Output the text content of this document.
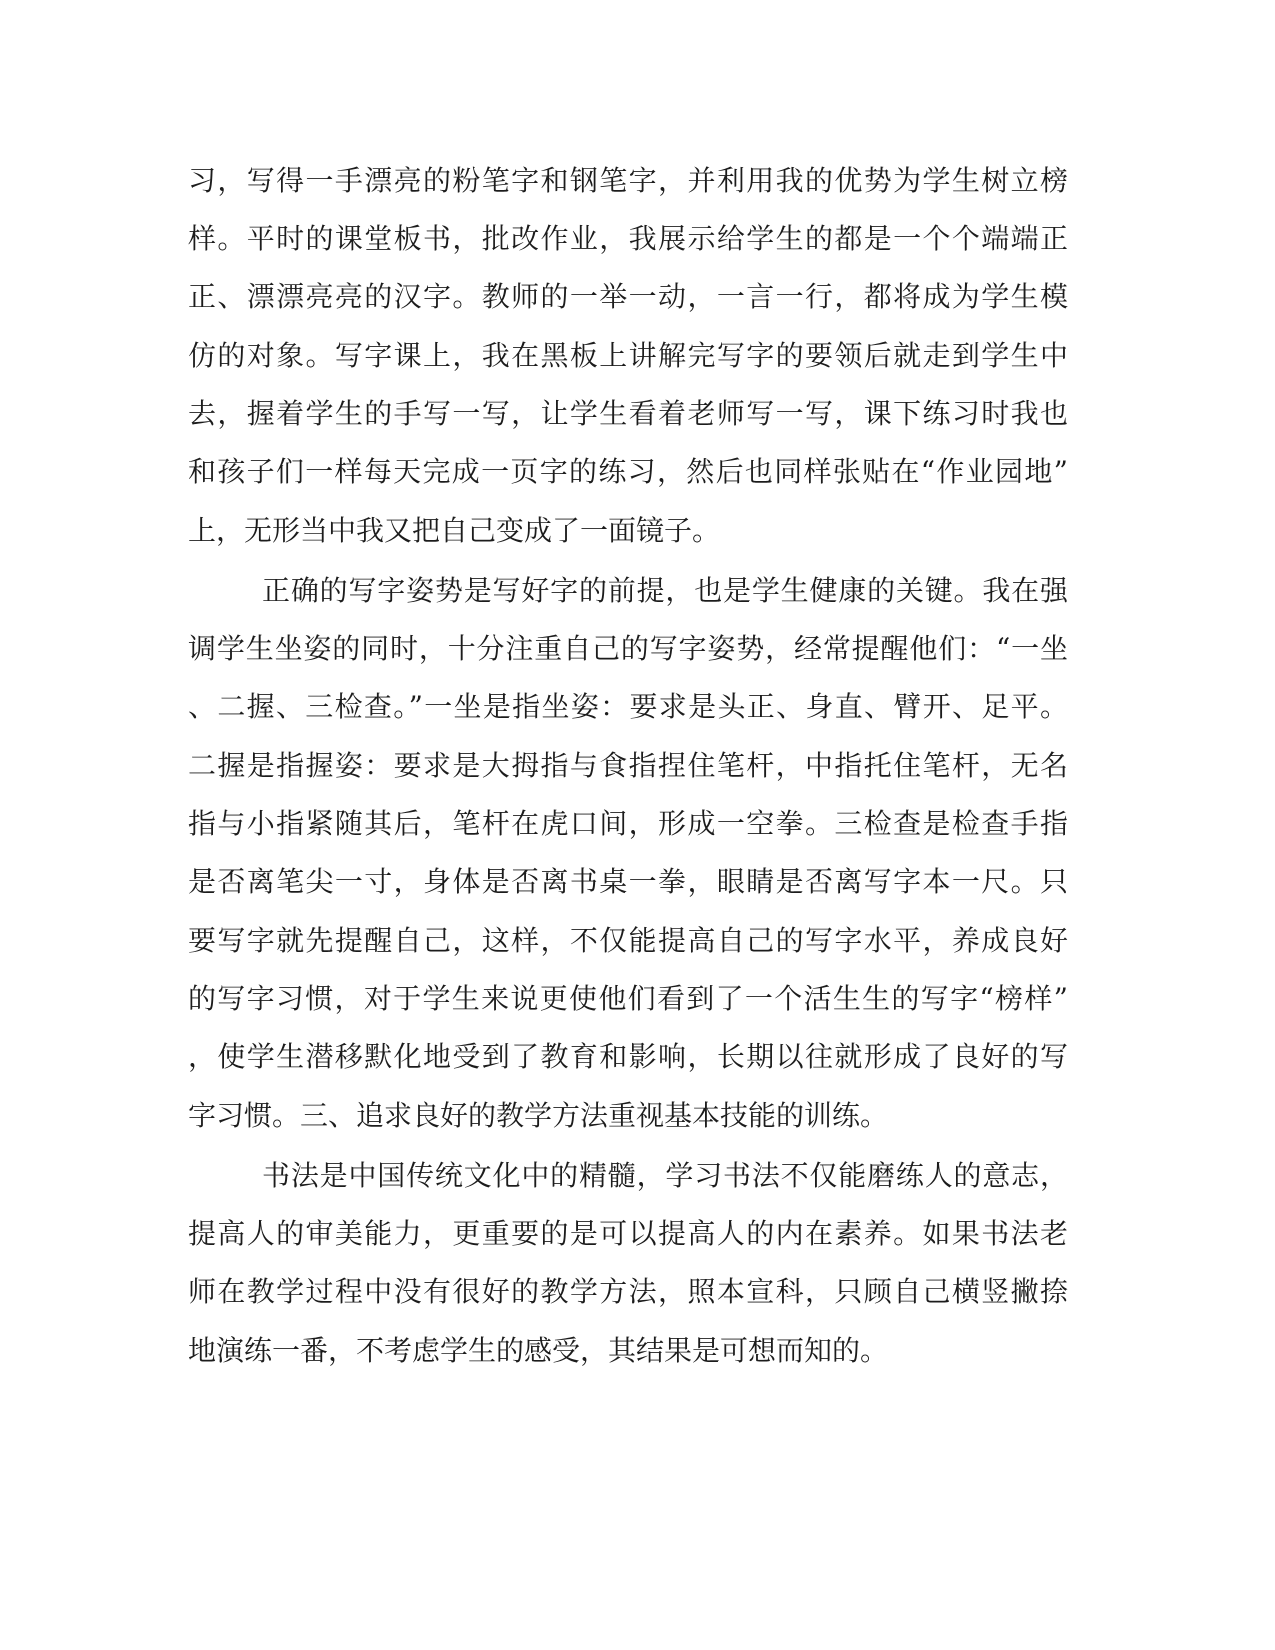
习，写得一手漂亮的粉笔字和钢笔字，并利用我的优势为学生树立榜
样。平时的课堂板书，批改作业，我展示给学生的都是一个个端端正
正、漂漂亮亮的汉字。教师的一举一动，一言一行，都将成为学生模
仿的对象。写字课上，我在黑板上讲解完写字的要领后就走到学生中
去，握着学生的手写一写，让学生看着老师写一写，课下练习时我也
和孩子们一样每天完成一页字的练习，然后也同样张贴在“作业园地”
上，无形当中我又把自己变成了一面镜子。
正确的写字姿势是写好字的前提，也是学生健康的关键。我在强
调学生坐姿的同时，十分注重自己的写字姿势，经常提醒他们：“一坐
、二握、三检查。”一坐是指坐姿：要求是头正、身直、臂开、足平。
二握是指握姿：要求是大拇指与食指捏住笔杆，中指托住笔杆，无名
指与小指紧随其后，笔杆在虎口间，形成一空拳。三检查是检查手指
是否离笔尖一寸，身体是否离书桌一拳，眼睛是否离写字本一尺。只
要写字就先提醒自己，这样，不仅能提高自己的写字水平，养成良好
的写字习惯，对于学生来说更使他们看到了一个活生生的写字“榜样”
，使学生潜移默化地受到了教育和影响，长期以往就形成了良好的写
字习惯。三、追求良好的教学方法重视基本技能的训练。
书法是中国传统文化中的精髓，学习书法不仅能磨练人的意志，
提高人的审美能力，更重要的是可以提高人的内在素养。如果书法老
师在教学过程中没有很好的教学方法，照本宣科，只顾自己横竖撇捺
地演练一番，不考虑学生的感受，其结果是可想而知的。
